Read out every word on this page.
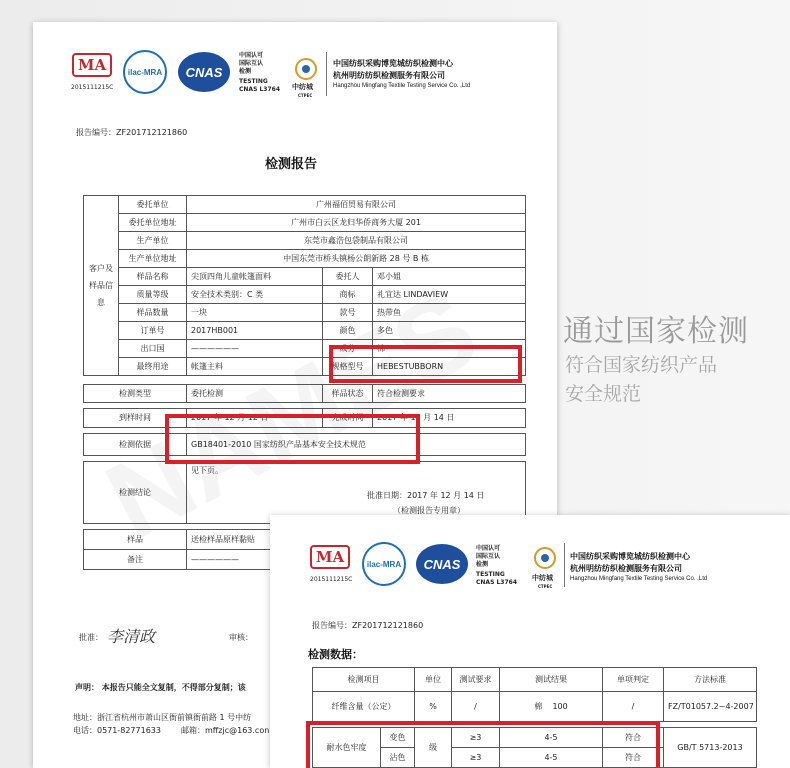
通过国家检测
符合国家纺织产品
安全规范
MA
2015111215C
ilac-MRA	CNAS
中国认可
国际互认
检测
TESTING
CNAS L3764 中纺城
CTPEC
中国纺织采购博览城纺织检测中心
杭州明纺纺织检测服务有限公司
Hangzhou Mingfang Textile Testing Service Co. ,Ltd
报告编号：ZF201712121860
检测报告
客户及样品信息	委托单位	广州福佰贸易有限公司		
	委托单位地址	广州市白云区龙归华侨商务大厦 201		
	生产单位	东莞市鑫浩包袋制品有限公司		
	生产单位地址	中国东莞市桥头镇杨公朗新路 28 号 B 栋		
	样品名称	尖顶四角儿童帐篷面料	委托人	邓小姐
	质量等级	安全技术类别：C 类	商标	礼宜达 LINDAVIEW
	样品数量	一块	款号	热带鱼
	订单号	2017HB001	颜色	多色
	出口国	——————	成分	棉
	最终用途	帐篷主料	规格型号	HEBESTUBBORN
检测类型	委托检测	样品状态	符合检测要求

到样时间	2017 年 12 月 12 日	完成时间	2017 年 12 月 14 日

检测依据	GB18401-2010 国家纺织产品基本安全技术规范		

检测结论	见下页。
批准日期：2017 年 12 月 14 日
（检测报告专用章）		

样品	送检样品原样黏贴		
备注	——————		
批准： 李清政	审核：
声明： 本报告只能全文复制，不得部分复制；该
地址：浙江省杭州市萧山区衙前镇衙前路 1 号中纺
电话：0571-82771633	邮箱：mffzjc@163.con
MA
2015111215C
ilac-MRA	CNAS
中国认可
国际互认
检测
TESTING
CNAS L3764
中纺城
CTPEC
中国纺织采购博览城纺织检测中心
杭州明纺纺织检测服务有限公司
Hangzhou Mingfang Textile Testing Service Co. ,Ltd
报告编号：ZF201712121860
检测数据：
检测项目		单位	测试要求	测试结果	单项判定	方法标准
纤维含量（公定）		%	/	棉 100	/	FZ/T01057.2~4-2007

耐水色牢度	变色	级	≥3	4-5	符合	GB/T 5713-2013
	沾色		≥3	4-5	符合	
